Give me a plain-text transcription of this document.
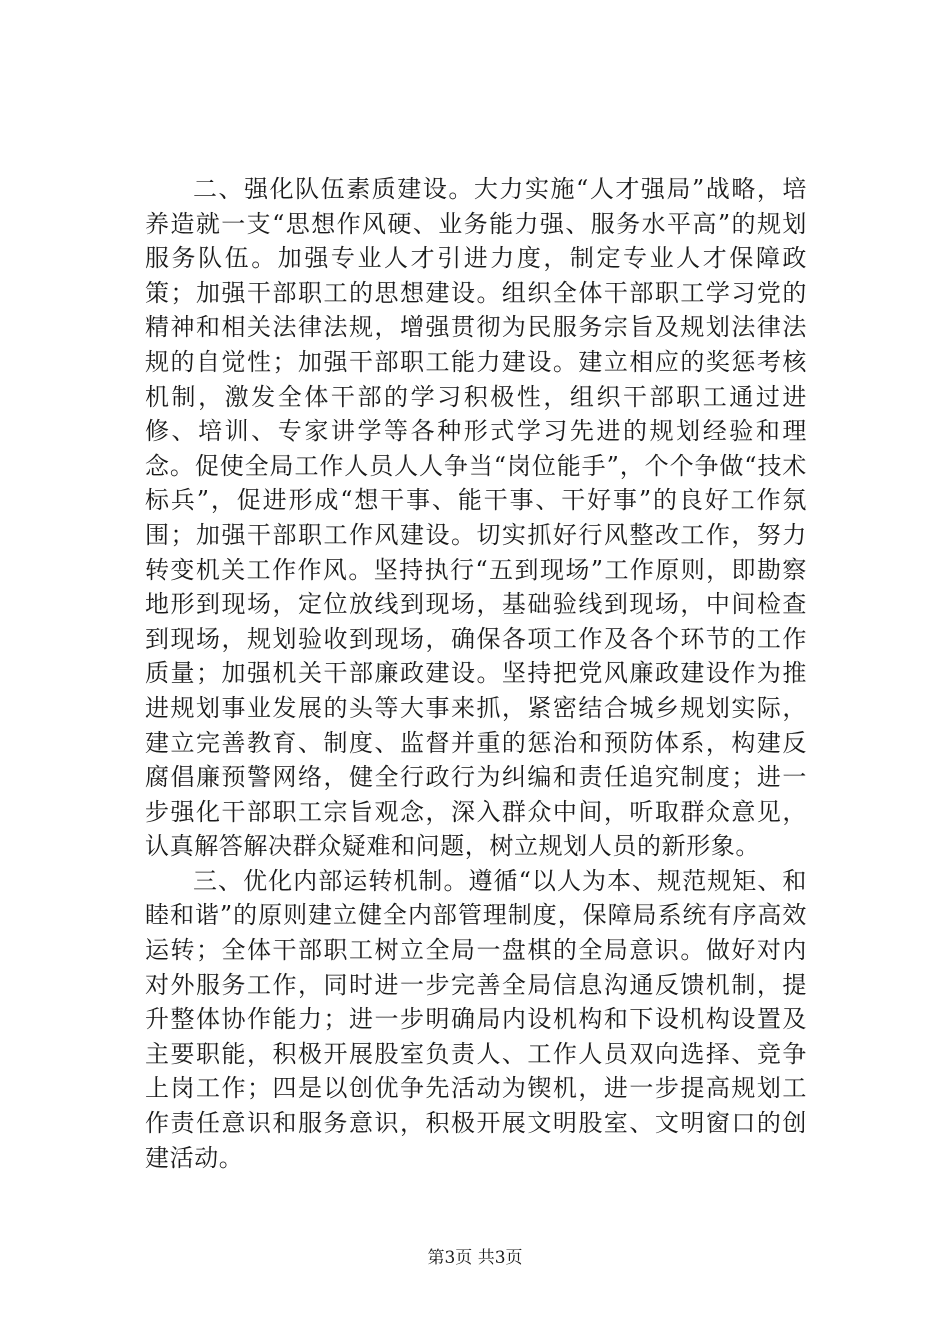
二、强化队伍素质建设。大力实施“人才强局”战略，培养造就一支“思想作风硬、业务能力强、服务水平高”的规划服务队伍。加强专业人才引进力度，制定专业人才保障政策；加强干部职工的思想建设。组织全体干部职工学习党的精神和相关法律法规，增强贯彻为民服务宗旨及规划法律法规的自觉性；加强干部职工能力建设。建立相应的奖惩考核机制，激发全体干部的学习积极性，组织干部职工通过进修、培训、专家讲学等各种形式学习先进的规划经验和理念。促使全局工作人员人人争当“岗位能手”，个个争做“技术标兵”，促进形成“想干事、能干事、干好事”的良好工作氛围；加强干部职工作风建设。切实抓好行风整改工作，努力转变机关工作作风。坚持执行“五到现场”工作原则，即勘察地形到现场，定位放线到现场，基础验线到现场，中间检查到现场，规划验收到现场，确保各项工作及各个环节的工作质量；加强机关干部廉政建设。坚持把党风廉政建设作为推进规划事业发展的头等大事来抓，紧密结合城乡规划实际，建立完善教育、制度、监督并重的惩治和预防体系，构建反腐倡廉预警网络，健全行政行为纠编和责任追究制度；进一步强化干部职工宗旨观念，深入群众中间，听取群众意见，认真解答解决群众疑难和问题，树立规划人员的新形象。

三、优化内部运转机制。遵循“以人为本、规范规矩、和睦和谐”的原则建立健全内部管理制度，保障局系统有序高效运转；全体干部职工树立全局一盘棋的全局意识。做好对内对外服务工作，同时进一步完善全局信息沟通反馈机制，提升整体协作能力；进一步明确局内设机构和下设机构设置及主要职能，积极开展股室负责人、工作人员双向选择、竞争上岗工作；四是以创优争先活动为锲机，进一步提高规划工作责任意识和服务意识，积极开展文明股室、文明窗口的创建活动。

第3页 共3页
